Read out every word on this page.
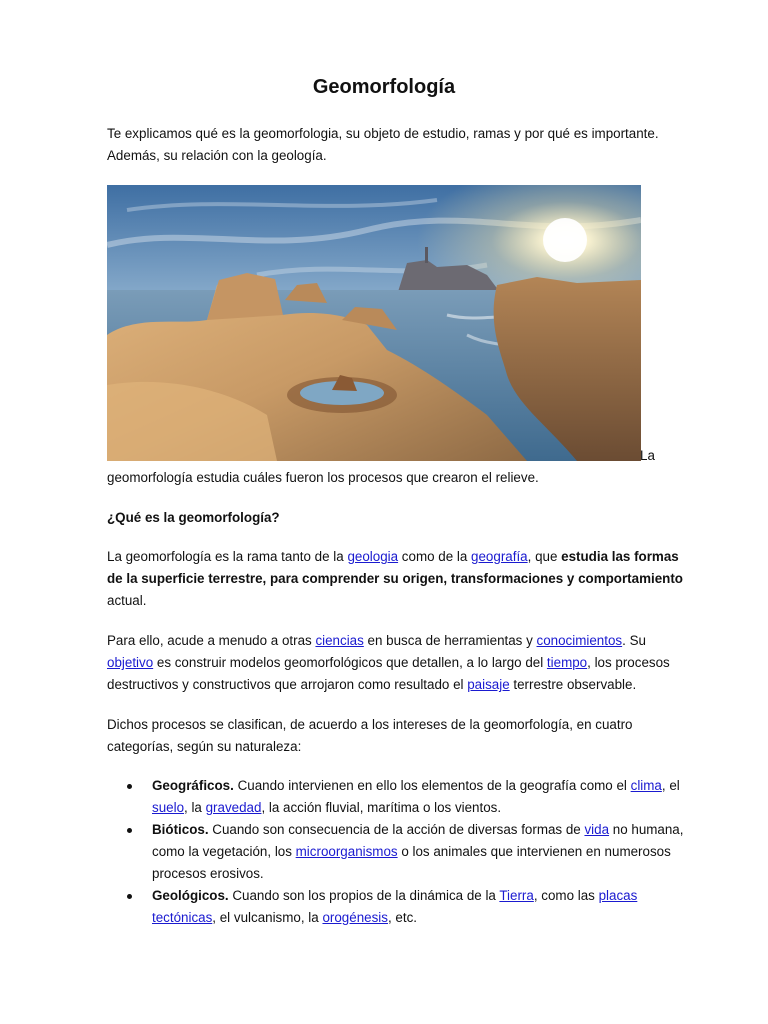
Geomorfología
Te explicamos qué es la geomorfologia, su objeto de estudio, ramas y por qué es importante.
Además, su relación con la geología.
La
geomorfología estudia cuáles fueron los procesos que crearon el relieve.
¿Qué es la geomorfología?
La geomorfología es la rama tanto de la geologia como de la geografía, que estudia las formas
de la superficie terrestre, para comprender su origen, transformaciones y comportamiento
actual.
Para ello, acude a menudo a otras ciencias en busca de herramientas y conocimientos. Su
objetivo es construir modelos geomorfológicos que detallen, a lo largo del tiempo, los procesos
destructivos y constructivos que arrojaron como resultado el paisaje terrestre observable.
Dichos procesos se clasifican, de acuerdo a los intereses de la geomorfología, en cuatro
categorías, según su naturaleza:
Geográficos. Cuando intervienen en ello los elementos de la geografía como el clima, el
suelo, la gravedad, la acción fluvial, marítima o los vientos.
Bióticos. Cuando son consecuencia de la acción de diversas formas de vida no humana,
como la vegetación, los microorganismos o los animales que intervienen en numerosos
procesos erosivos.
Geológicos. Cuando son los propios de la dinámica de la Tierra, como las placas
tectónicas, el vulcanismo, la orogénesis, etc.
